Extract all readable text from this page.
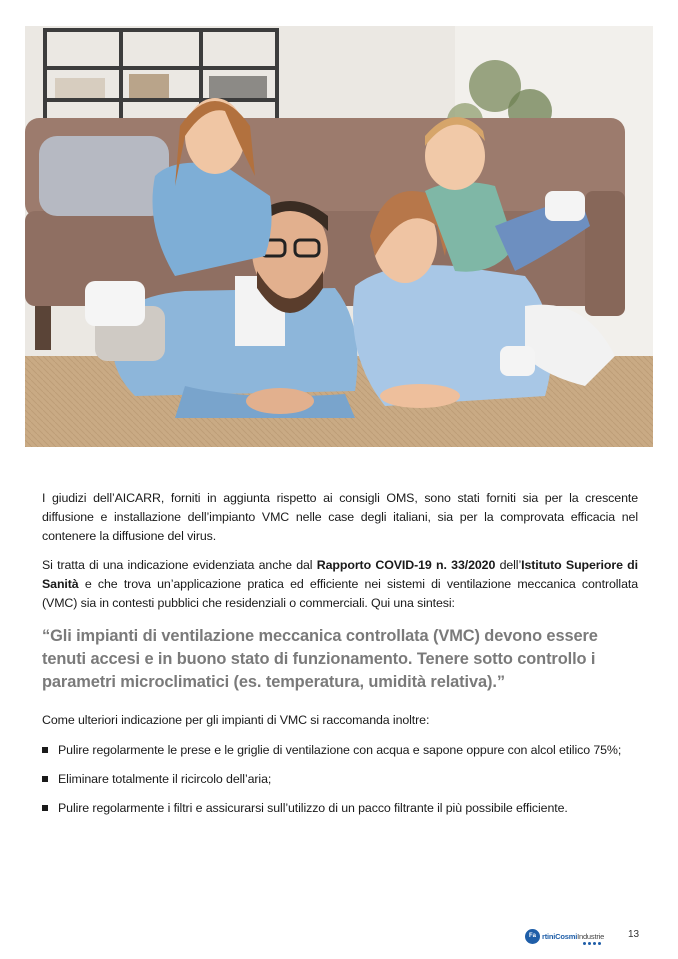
I giudizi dell’AICARR, forniti in aggiunta rispetto ai consigli OMS, sono stati forniti sia per la crescente diffusione e installazione dell’impianto VMC nelle case degli italiani, sia per la comprovata efficacia nel contenere la diffusione del virus.

Si tratta di una indicazione evidenziata anche dal Rapporto COVID-19 n. 33/2020 dell’Istituto Superiore di Sanità e che trova un’applicazione pratica ed efficiente nei sistemi di ventilazione meccanica controllata (VMC) sia in contesti pubblici che residenziali o commerciali. Qui una sintesi:

“Gli impianti di ventilazione meccanica controllata (VMC) devono essere tenuti accesi e in buono stato di funzionamento. Tenere sotto controllo i parametri microclimatici (es. temperatura, umidità relativa).”

Come ulteriori indicazione per gli impianti di VMC si raccomanda inoltre:

Pulire regolarmente le prese e le griglie di ventilazione con acqua e sapone oppure con alcol etilico 75%;
Eliminare totalmente il ricircolo dell’aria;
Pulire regolarmente i filtri e assicurarsi sull’utilizzo di un pacco filtrante il più possibile efficiente.
Fa rtiniCosmiIndustrie 13
